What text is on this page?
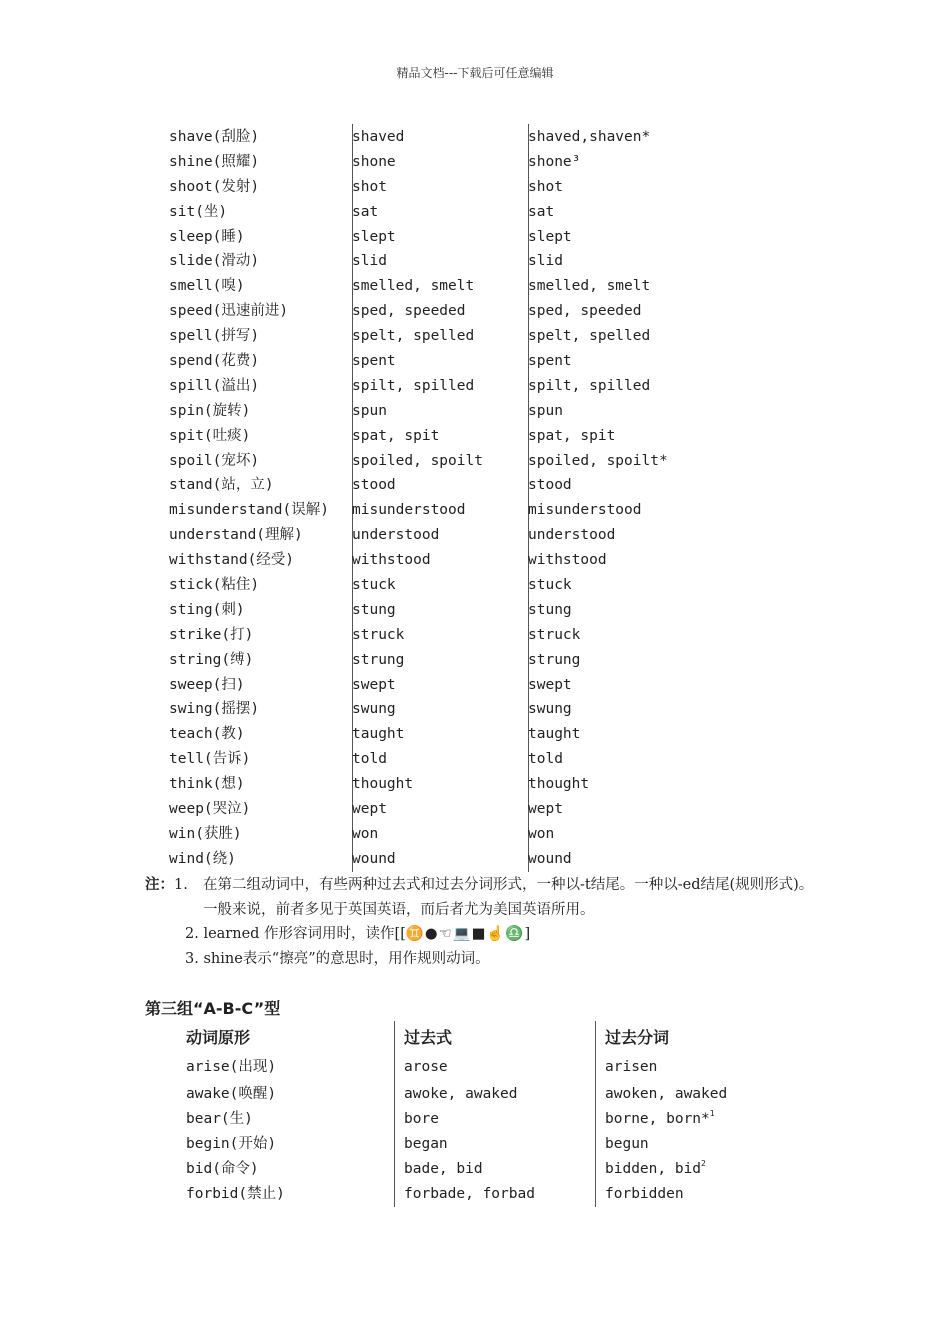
精品文档---下载后可任意编辑
shave(刮脸)	shaved	shaved,shaven*
shine(照耀)	shone	shone³
shoot(发射)	shot	shot
sit(坐)	sat	sat
sleep(睡)	slept	slept
slide(滑动)	slid	slid
smell(嗅)	smelled, smelt	smelled, smelt
speed(迅速前进)	sped, speeded	sped, speeded
spell(拼写)	spelt, spelled	spelt, spelled
spend(花费)	spent	spent
spill(溢出)	spilt, spilled	spilt, spilled
spin(旋转)	spun	spun
spit(吐痰)	spat, spit	spat, spit
spoil(宠坏)	spoiled, spoilt	spoiled, spoilt*
stand(站，立)	stood	stood
misunderstand(误解)	misunderstood	misunderstood
understand(理解)	understood	understood
withstand(经受)	withstood	withstood
stick(粘住)	stuck	stuck
sting(刺)	stung	stung
strike(打)	struck	struck
string(缚)	strung	strung
sweep(扫)	swept	swept
swing(摇摆)	swung	swung
teach(教)	taught	taught
tell(告诉)	told	told
think(想)	thought	thought
weep(哭泣)	wept	wept
win(获胜)	won	won
wind(绕)	wound	wound
注：1.	在第二组动词中，有些两种过去式和过去分词形式，一种以-t结尾。一种以-ed结尾(规则形式)。一般来说，前者多见于英国英语，而后者尤为美国英语所用。
2. learned 作形容词用时，读作[[♊●☜💻■☝♎]
3. shine表示“擦亮”的意思时，用作规则动词。
第三组“A-B-C”型
动词原形	过去式	过去分词
arise(出现)	arose	arisen
awake(唤醒)	awoke, awaked	awoken, awaked
bear(生)	bore	borne, born*$^1$
begin(开始)	began	begun
bid(命令)	bade, bid	bidden, bid$^2$
forbid(禁止)	forbade, forbad	forbidden
